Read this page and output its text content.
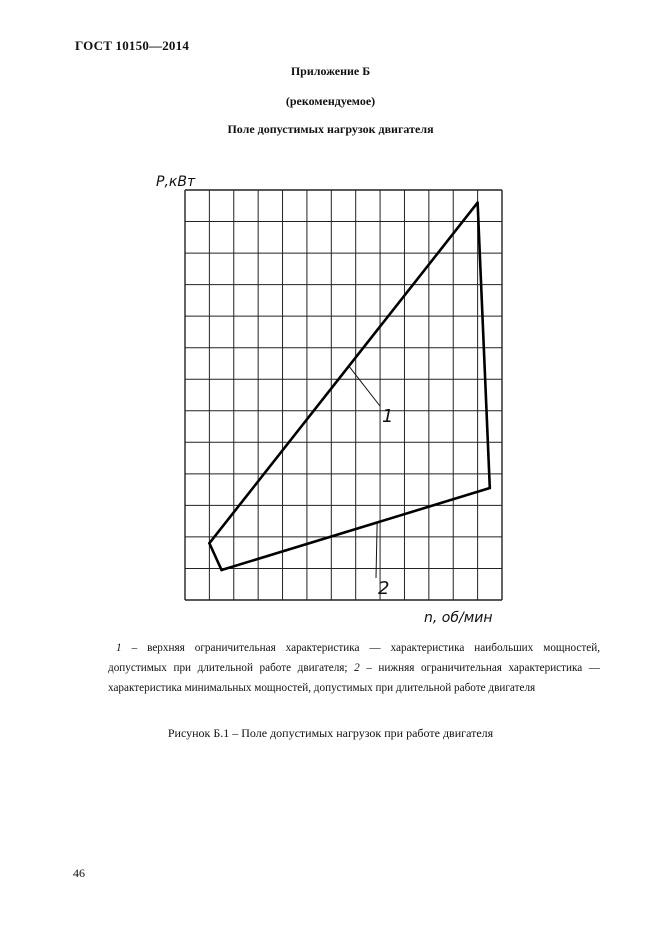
ГОСТ 10150—2014
Приложение Б
(рекомендуемое)
Поле допустимых нагрузок двигателя
Р,кВт
n, об/мин
1
2

1 – верхняя ограничительная характеристика — характеристика наибольших мощностей, допустимых при длительной работе двигателя; 2 – нижняя ограничительная характеристика — характеристика минимальных мощностей, допустимых при длительной работе двигателя

Рисунок Б.1 – Поле допустимых нагрузок при работе двигателя
46
